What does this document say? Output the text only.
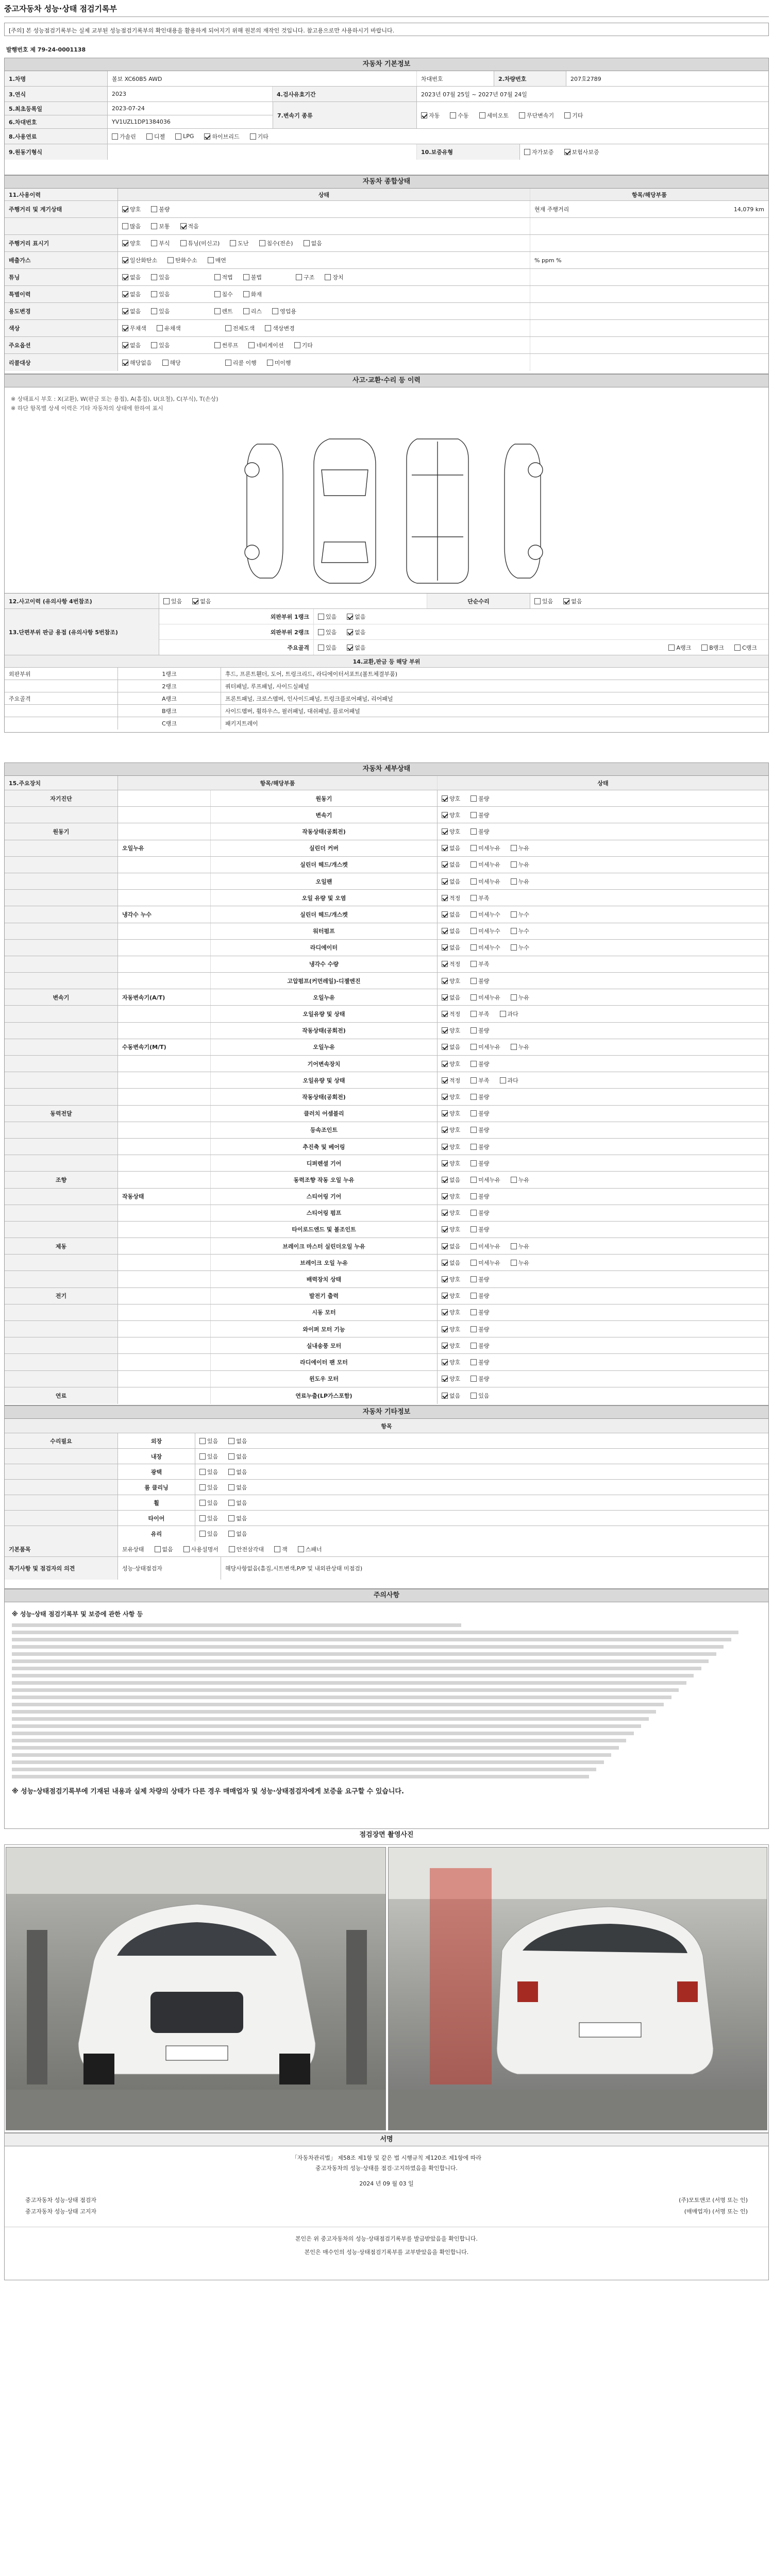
중고자동차 성능·상태 점검기록부
[주의] 본 성능점검기록부는 실제 교부된 성능점검기록부의 확인대용을 활용하게 되어지기 위해 원본의 재작인 것입니다. 참고용으로만 사용하시기 바랍니다.
발행번호 제 79-24-0001138
자동차 기본정보
1.차명	볼보 XC60B5 AWD	차대번호	2.차량번호	207호2789
3.연식	2023	4.검사유효기간	2023년 07월 25일 ~ 2027년 07월 24일
5.최초등록일	2023-07-24
6.차대번호	YV1UZL1DP1384036
7.변속기 종류	자동	수동	세미오토	무단변속기	기타
8.사용연료	가솔린	디젤	LPG	하이브리드	기타
9.원동기형식	10.보증유형	자가보증	보험사보증
자동차 종합상태
11.사용이력	상태	항목/해당부품
주행거리 및 계기상태	양호	불량	현재 주행거리	14,079 km
많음	보통	적음
주행거리 표시기	양호	부식	튜닝(미신고)	도난	침수(전손)	없음
배출가스	일산화탄소	탄화수소	매연	% ppm %
튜닝	없음	있음	적법	불법	구조	장치
특별이력	없음	있음	침수	화재
용도변경	없음	있음	렌트	리스	영업용
색상	무채색	유채색	전체도색	색상변경
주요옵션	없음	있음	썬루프	네비게이션	기타
리콜대상	해당없음	해당	리콜 이행	미이행
사고·교환·수리 등 이력
※ 상태표시 부호 : X(교환), W(판금 또는 용접), A(흠집), U(요철), C(부식), T(손상)
※ 하단 항목별 상세 이력은 기타 자동차의 상태에 한하여 표시
12.사고이력 (유의사항 4번참조)	있음	없음	단순수리	있음	없음
13.단편부위 판금 용접 (유의사항 5번참조)
외판부위 1랭크	있음	없음
외판부위 2랭크	있음	없음
주요골격	있음	없음	A랭크	B랭크	C랭크
14.교환,판금 등 해당 부위
외판부위	1랭크	후드, 프론트휀더, 도어, 트렁크리드, 라디에이터서포트(볼트체결부품)
2랭크	쿼터패널, 루프패널, 사이드실패널
주요골격	A랭크	프론트패널, 크로스멤버, 인사이드패널, 트렁크플로어패널, 리어패널
B랭크	사이드멤버, 휠하우스, 필러패널, 대쉬패널, 플로어패널
C랭크	패키지트레이
자동차 세부상태
15.주요장치	항목/해당부품	상태
자기진단	원동기	양호	불량
변속기	양호	불량
원동기	작동상태(공회전)	양호	불량
오일누유	실린더 커버	없음	미세누유	누유
실린더 헤드/개스켓	없음	미세누유	누유
오일팬	없음	미세누유	누유
오일 유량 및 오염	적정	부족
냉각수 누수	실린더 헤드/개스켓	없음	미세누수	누수
워터펌프	없음	미세누수	누수
라디에이터	없음	미세누수	누수
냉각수 수량	적정	부족
고압펌프(커먼레일)-디젤엔진	양호	불량
변속기	자동변속기(A/T)	오일누유	없음	미세누유	누유
오일유량 및 상태	적정	부족	과다
작동상태(공회전)	양호	불량
수동변속기(M/T)	오일누유	없음	미세누유	누유
기어변속장치	양호	불량
오일유량 및 상태	적정	부족	과다
작동상태(공회전)	양호	불량
동력전달	클러치 어셈블리	양호	불량
등속조인트	양호	불량
추진축 및 베어링	양호	불량
디퍼렌셜 기어	양호	불량
조향	동력조향 작동 오일 누유	없음	미세누유	누유
작동상태	스티어링 기어	양호	불량
스티어링 펌프	양호	불량
타이로드엔드 및 볼조인트	양호	불량
제동	브레이크 마스터 실린더오일 누유	없음	미세누유	누유
브레이크 오일 누유	없음	미세누유	누유
배력장치 상태	양호	불량
전기	발전기 출력	양호	불량
시동 모터	양호	불량
와이퍼 모터 기능	양호	불량
실내송풍 모터	양호	불량
라디에이터 팬 모터	양호	불량
윈도우 모터	양호	불량
연료	연료누출(LP가스포함)	없음	있음
자동차 기타정보
항목
수리필요	외장	있음	없음
내장	있음	없음
광택	있음	없음
룸 클리닝	있음	없음
휠	있음	없음
타이어	있음	없음
유리	있음	없음
기본품목	보유상태	없음	사용설명서	안전삼각대	잭	스패너
특기사항 및 점검자의 의견	성능·상태점검자	해당사항없음(흠집,시트변색,P/P 및 내외관상태 미점검)
주의사항
※ 성능·상태 점검기록부 및 보증에 관한 사항 등
※ 성능·상태점검기록부에 기재된 내용과 실제 차량의 상태가 다른 경우 매매업자 및 성능·상태점검자에게 보증을 요구할 수 있습니다.
점검장면 촬영사진
서명
「자동차관리법」 제58조 제1항 및 같은 법 시행규칙 제120조 제1항에 따라
중고자동차의 성능·상태를 점검·고지하였음을 확인합니다.
2024 년 09 월 03 일
중고자동차 성능·상태 점검자	(주)모토앤코 (서명 또는 인)
중고자동차 성능·상태 고지자	(매매업자) (서명 또는 인)
본인은 위 중고자동차의 성능·상태점검기록부를 발급받았음을 확인합니다.
본인은 매수인의 성능·상태점검기록부를 교부받았음을 확인합니다.
